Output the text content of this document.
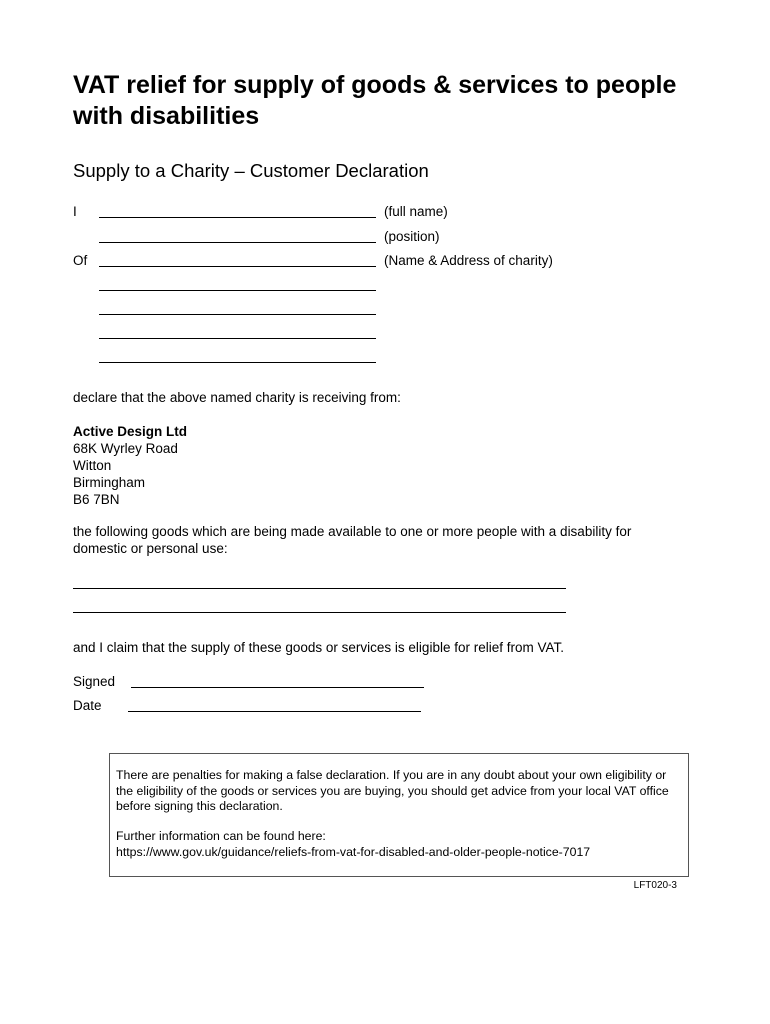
VAT relief for supply of goods & services to people with disabilities
Supply to a Charity – Customer Declaration
I	(full name)
(position)
Of	(Name & Address of charity)
declare that the above named charity is receiving from:
Active Design Ltd
68K Wyrley Road
Witton
Birmingham
B6 7BN
the following goods which are being made available to one or more people with a disability for domestic or personal use:
and I claim that the supply of these goods or services is eligible for relief from VAT.
Signed
Date

There are penalties for making a false declaration. If you are in any doubt about your own eligibility or the eligibility of the goods or services you are buying, you should get advice from your local VAT office before signing this declaration.

Further information can be found here:

https://www.gov.uk/guidance/reliefs-from-vat-for-disabled-and-older-people-notice-7017

LFT020-3
